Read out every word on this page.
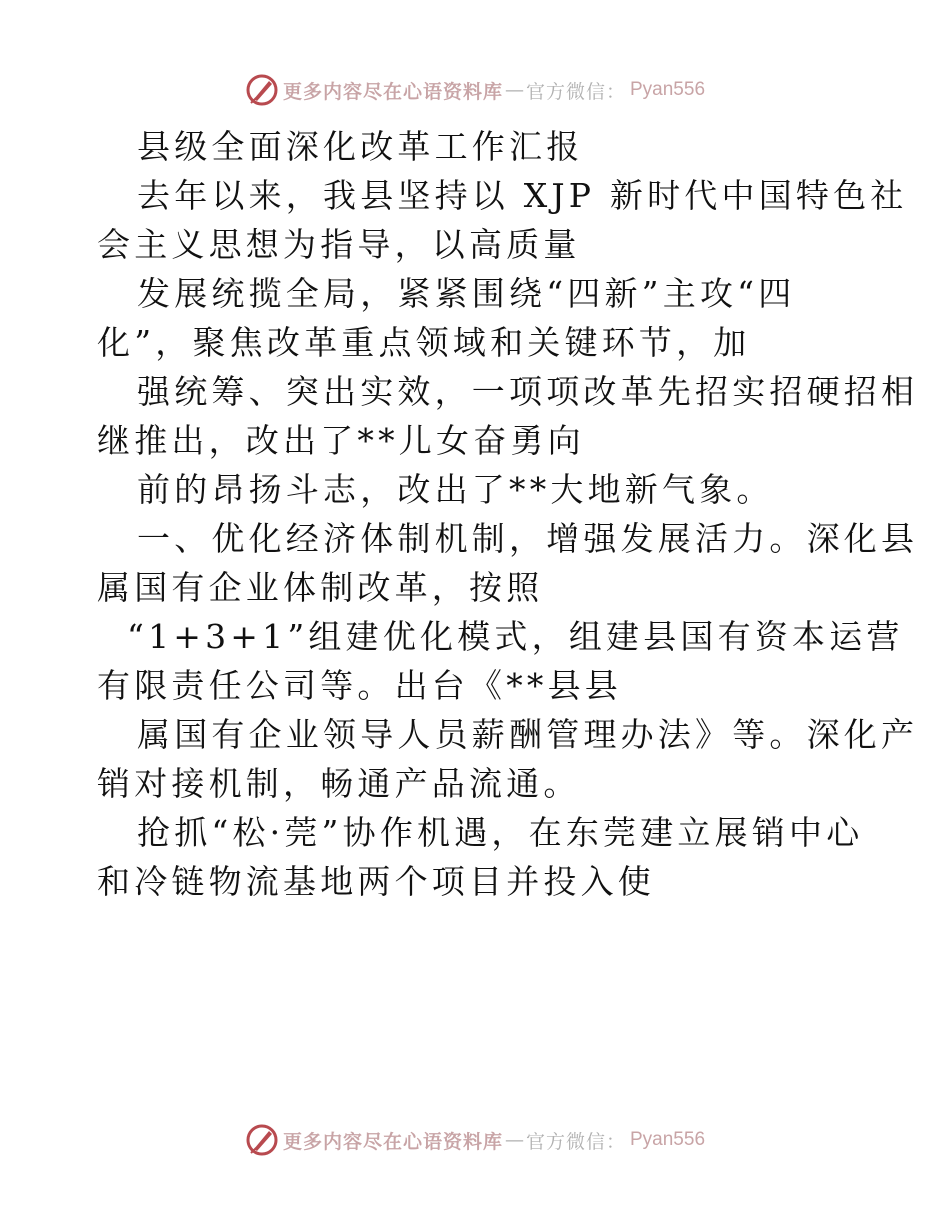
更多内容尽在心语资料库 — 官方微信： Pyan556
县级全面深化改革工作汇报
去年以来，我县坚持以 XJP 新时代中国特色社
会主义思想为指导，以高质量
发展统揽全局，紧紧围绕“四新”主攻“四
化”，聚焦改革重点领域和关键环节，加
强统筹、突出实效，一项项改革先招实招硬招相
继推出，改出了**儿女奋勇向
前的昂扬斗志，改出了**大地新气象。
一、优化经济体制机制，增强发展活力。深化县
属国有企业体制改革，按照
“1+3+1”组建优化模式，组建县国有资本运营
有限责任公司等。出台《**县县
属国有企业领导人员薪酬管理办法》等。深化产
销对接机制，畅通产品流通。
抢抓“松·莞”协作机遇，在东莞建立展销中心
和冷链物流基地两个项目并投入使
更多内容尽在心语资料库 — 官方微信： Pyan556
